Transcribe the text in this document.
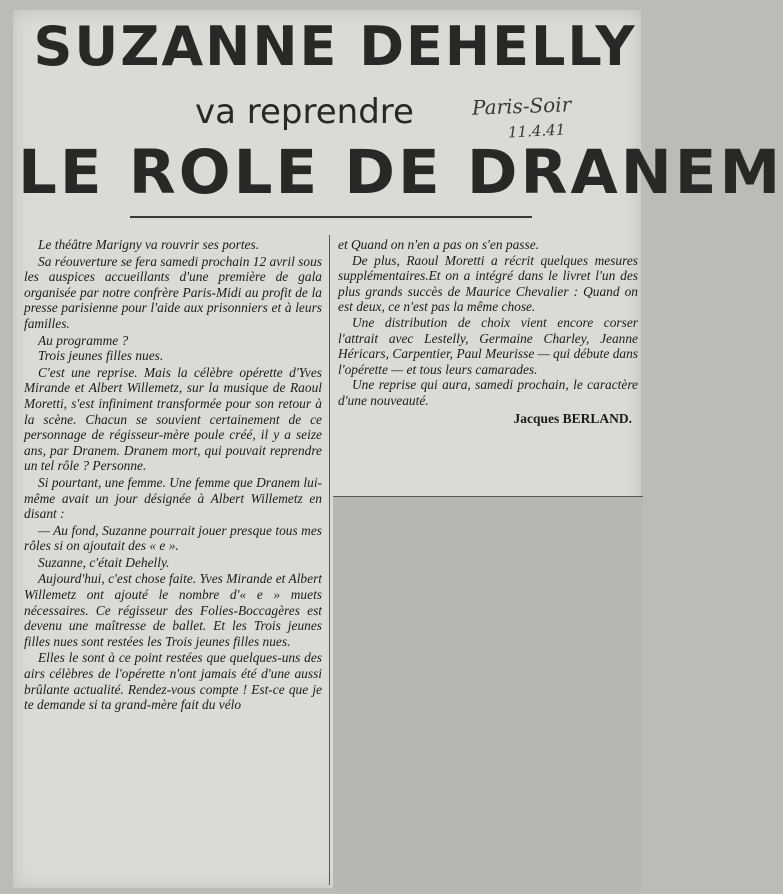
SUZANNE DEHELLY
va reprendre	Paris-Soir
11.4.41
LE ROLE DE DRANEM

Le théâtre Marigny va rouvrir ses portes.

Sa réouverture se fera samedi prochain 12 avril sous les auspices accueillants d'une première de gala organisée par notre confrère Paris-Midi au profit de la presse parisienne pour l'aide aux prisonniers et à leurs familles.

Au programme ?

Trois jeunes filles nues.

C'est une reprise. Mais la célèbre opérette d'Yves Mirande et Albert Willemetz, sur la musique de Raoul Moretti, s'est infiniment transformée pour son retour à la scène. Chacun se souvient certainement de ce personnage de régisseur-mère poule créé, il y a seize ans, par Dranem. Dranem mort, qui pouvait reprendre un tel rôle ? Personne.

Si pourtant, une femme. Une femme que Dranem lui-même avait un jour désignée à Albert Willemetz en disant :

— Au fond, Suzanne pourrait jouer presque tous mes rôles si on ajoutait des « e ».

Suzanne, c'était Dehelly.

Aujourd'hui, c'est chose faite. Yves Mirande et Albert Willemetz ont ajouté le nombre d'« e » muets nécessaires. Ce régisseur des Folies-Boccagères est devenu une maîtresse de ballet. Et les Trois jeunes filles nues sont restées les Trois jeunes filles nues.

Elles le sont à ce point restées que quelques-uns des airs célèbres de l'opérette n'ont jamais été d'une aussi brûlante actualité. Rendez-vous compte ! Est-ce que je te demande si ta grand-mère fait du vélo

et Quand on n'en a pas on s'en passe.

De plus, Raoul Moretti a récrit quelques mesures supplémentaires.Et on a intégré dans le livret l'un des plus grands succès de Maurice Chevalier : Quand on est deux, ce n'est pas la même chose.

Une distribution de choix vient encore corser l'attrait avec Lestelly, Germaine Charley, Jeanne Héricars, Carpentier, Paul Meurisse — qui débute dans l'opérette — et tous leurs camarades.

Une reprise qui aura, samedi prochain, le caractère d'une nouveauté.

Jacques BERLAND.
